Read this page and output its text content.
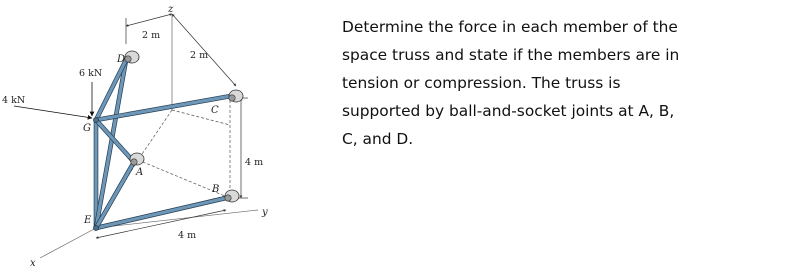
z
x
y
2 m
2 m
4 m
4 m
6 kN
4 kN
D
C
G
A
B
E

Determine the force in each member of the
space truss and state if the members are in
tension or compression. The truss is
supported by ball-and-socket joints at A, B,
C, and D.
